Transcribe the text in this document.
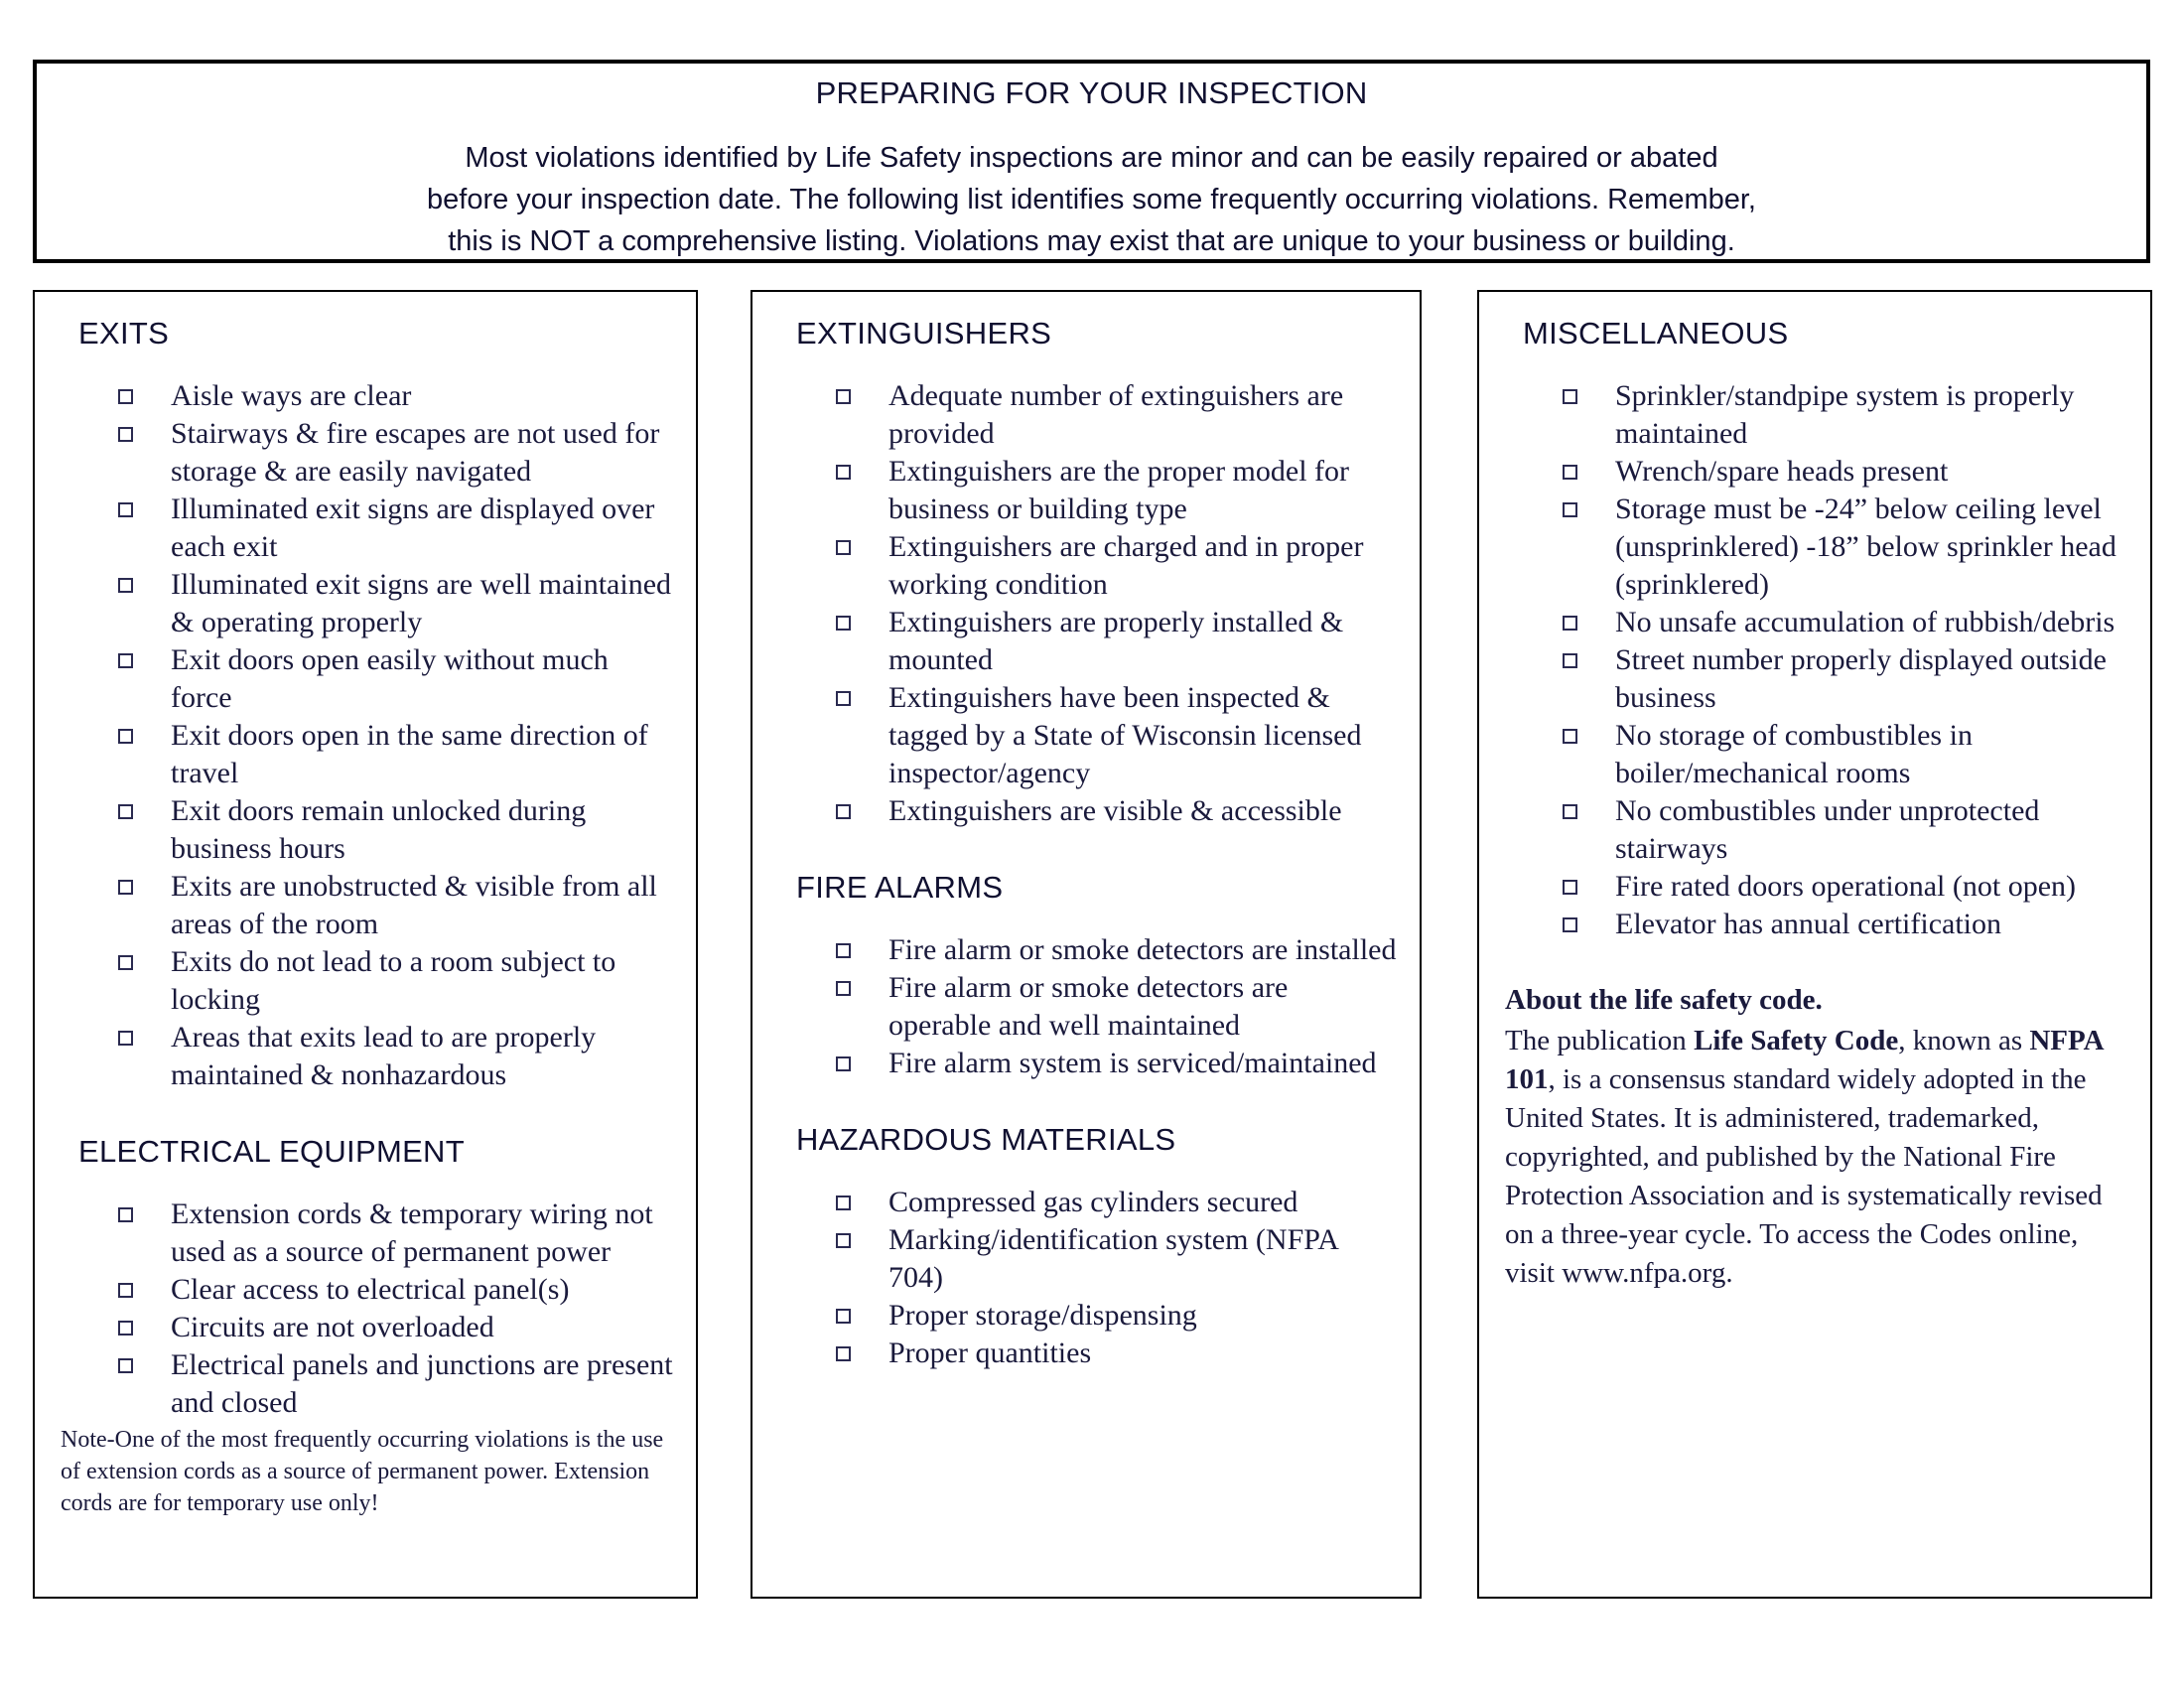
PREPARING FOR YOUR INSPECTION
Most violations identified by Life Safety inspections are minor and can be easily repaired or abated
before your inspection date. The following list identifies some frequently occurring violations. Remember,
this is NOT a comprehensive listing. Violations may exist that are unique to your business or building.
EXITS
Aisle ways are clear
Stairways & fire escapes are not used for storage & are easily navigated
Illuminated exit signs are displayed over each exit
Illuminated exit signs are well maintained & operating properly
Exit doors open easily without much force
Exit doors open in the same direction of travel
Exit doors remain unlocked during business hours
Exits are unobstructed & visible from all areas of the room
Exits do not lead to a room subject to locking
Areas that exits lead to are properly maintained & nonhazardous
ELECTRICAL EQUIPMENT
Extension cords & temporary wiring not used as a source of permanent power
Clear access to electrical panel(s)
Circuits are not overloaded
Electrical panels and junctions are present and closed
Note-One of the most frequently occurring violations is the use of extension cords as a source of permanent power. Extension cords are for temporary use only!
EXTINGUISHERS
Adequate number of extinguishers are provided
Extinguishers are the proper model for business or building type
Extinguishers are charged and in proper working condition
Extinguishers are properly installed & mounted
Extinguishers have been inspected & tagged by a State of Wisconsin licensed inspector/agency
Extinguishers are visible & accessible
FIRE ALARMS
Fire alarm or smoke detectors are installed
Fire alarm or smoke detectors are operable and well maintained
Fire alarm system is serviced/maintained
HAZARDOUS MATERIALS
Compressed gas cylinders secured
Marking/identification system (NFPA 704)
Proper storage/dispensing
Proper quantities
MISCELLANEOUS
Sprinkler/standpipe system is properly maintained
Wrench/spare heads present
Storage must be -24” below ceiling level (unsprinklered) -18” below sprinkler head (sprinklered)
No unsafe accumulation of rubbish/debris
Street number properly displayed outside business
No storage of combustibles in boiler/mechanical rooms
No combustibles under unprotected stairways
Fire rated doors operational (not open)
Elevator has annual certification
About the life safety code.
The publication Life Safety Code, known as NFPA 101, is a consensus standard widely adopted in the United States. It is administered, trademarked, copyrighted, and published by the National Fire Protection Association and is systematically revised on a three-year cycle. To access the Codes online, visit www.nfpa.org.
